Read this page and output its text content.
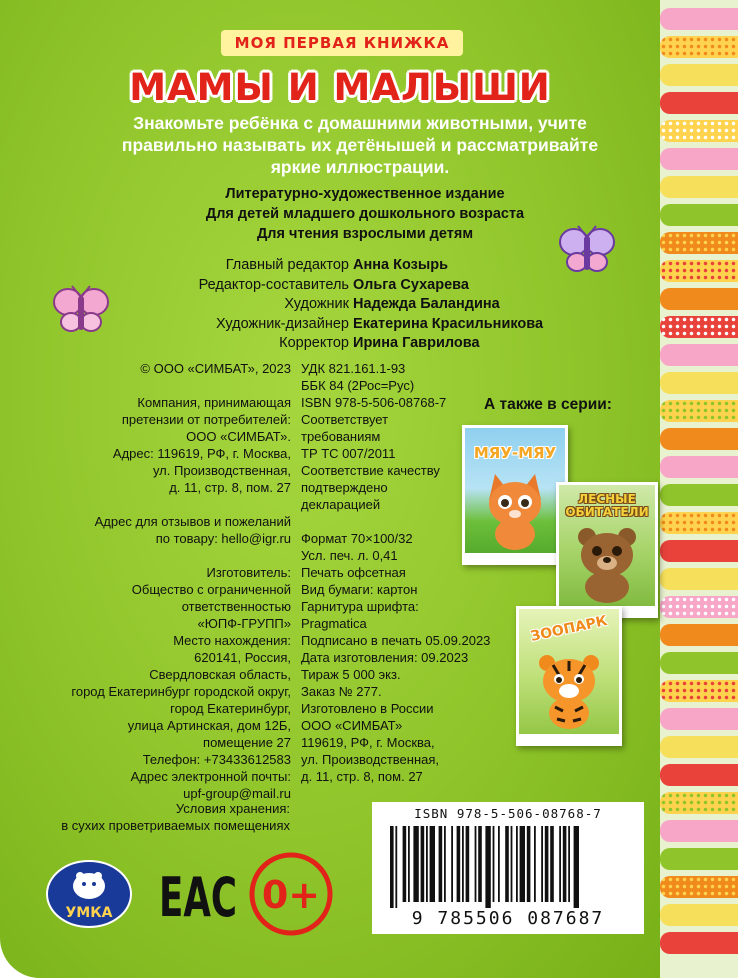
МОЯ ПЕРВАЯ КНИЖКА
МАМЫ И МАЛЫШИ
Знакомьте ребёнка с домашними животными, учите правильно называть их детёнышей и рассматривайте яркие иллюстрации.
Литературно-художественное издание
Для детей младшего дошкольного возраста
Для чтения взрослыми детям
Главный редактор Анна Козырь
Редактор-составитель Ольга Сухарева
Художник Надежда Баландина
Художник-дизайнер Екатерина Красильникова
Корректор Ирина Гаврилова
© ООО «СИМБАТ», 2023
Компания, принимающая
претензии от потребителей:
ООО «СИМБАТ».
Адрес: 119619, РФ, г. Москва,
ул. Производственная,
д. 11, стр. 8, пом. 27
Адрес для отзывов и пожеланий
по товару: hello@igr.ru
Изготовитель:
Общество с ограниченной
ответственностью
«ЮПФ-ГРУПП»
Место нахождения:
620141, Россия,
Свердловская область,
город Екатеринбург городской округ,
город Екатеринбург,
улица Артинская, дом 12Б,
помещение 27
Телефон: +73433612583
Адрес электронной почты:
upf-group@mail.ru
УДК 821.161.1-93
ББК 84 (2Рос=Рус)
ISBN 978-5-506-08768-7
Соответствует
требованиям
ТР ТС 007/2011
Соответствие качеству
подтверждено
декларацией
Формат 70×100/32
Усл. печ. л. 0,41
Печать офсетная
Вид бумаги: картон
Гарнитура шрифта:
Pragmatica
Подписано в печать 05.09.2023
Дата изготовления: 09.2023
Тираж 5 000 экз.
Заказ № 277.
Изготовлено в России
ООО «СИМБАТ»
119619, РФ, г. Москва,
ул. Производственная,
д. 11, стр. 8, пом. 27
А также в серии:
МЯУ-МЯУ
ЛЕСНЫЕ ОБИТАТЕЛИ
ЗООПАРК
Условия хранения:
в сухих проветриваемых помещениях
УМКА ЕАС 0+
ISBN 978-5-506-08768-7
9 785506 087687
